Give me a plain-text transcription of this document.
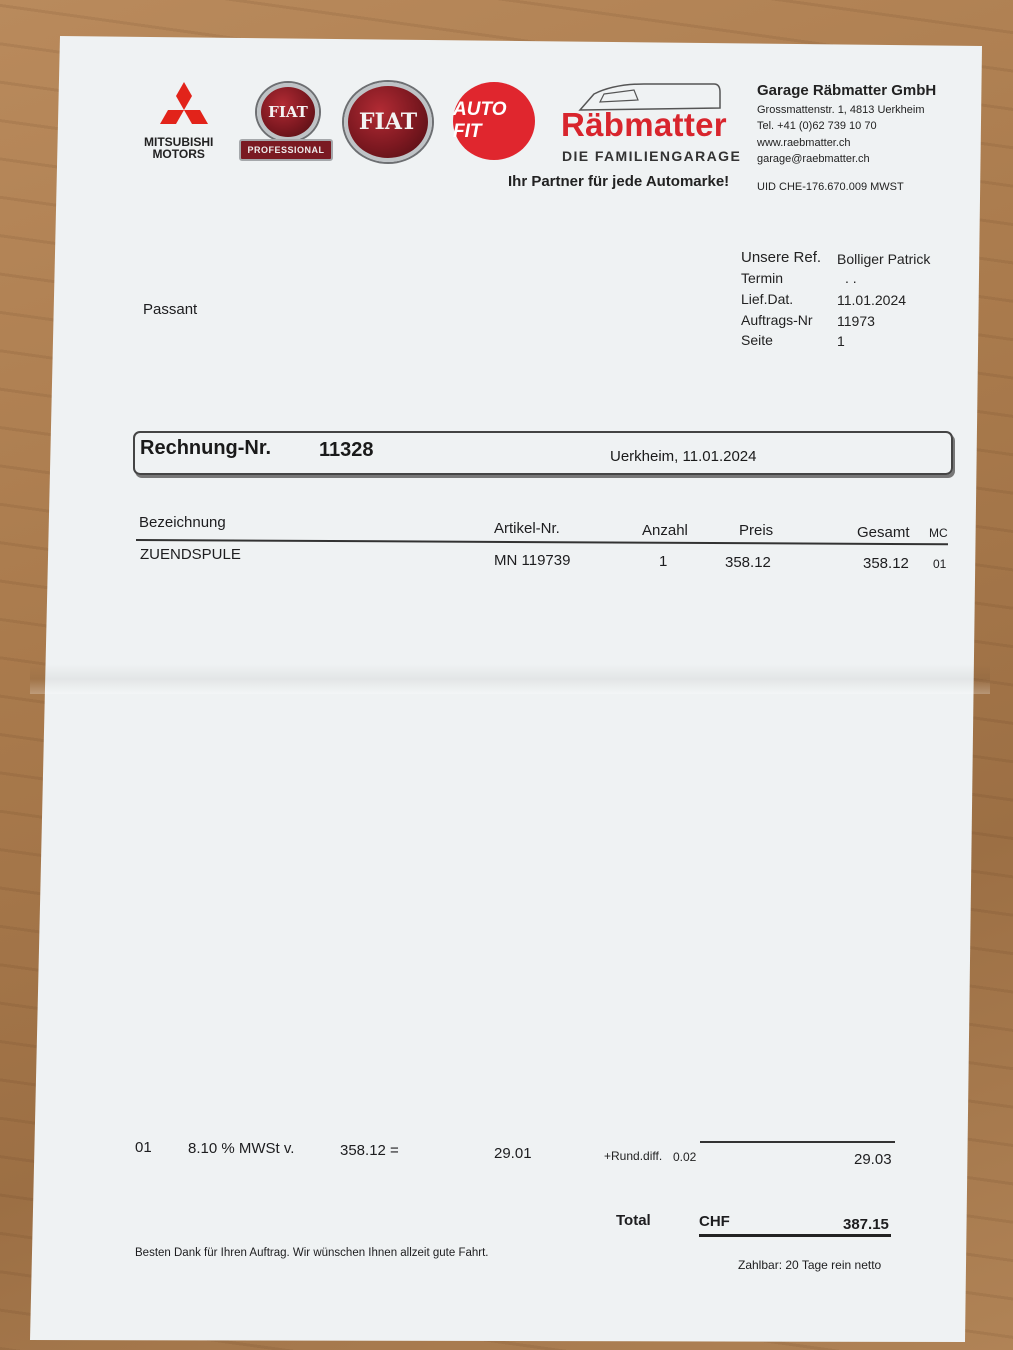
MITSUBISHI
MOTORS
FIAT
PROFESSIONAL
FIAT AUTO FIT	Räbmatter
DIE FAMILIENGARAGE
Ihr Partner für jede Automarke!
Garage Räbmatter GmbH
Grossmattenstr. 1, 4813 Uerkheim
Tel. +41 (0)62 739 10 70
www.raebmatter.ch
garage@raebmatter.ch
UID CHE-176.670.009 MWST
Passant
Unsere Ref. Bolliger Patrick
Termin	. .
Lief.Dat.	11.01.2024
Auftrags-Nr 11973
Seite	1
Rechnung-Nr. 11328	Uerkheim, 11.01.2024
Bezeichnung	Artikel-Nr.	Anzahl	Preis	Gesamt MC
ZUENDSPULE	MN 119739	1	358.12	358.12 01
01 8.10 % MWSt v.	358.12 =	29.01	+Rund.diff. 0.02	29.03
Total	CHF	387.15
Besten Dank für Ihren Auftrag. Wir wünschen Ihnen allzeit gute Fahrt.
Zahlbar: 20 Tage rein netto
